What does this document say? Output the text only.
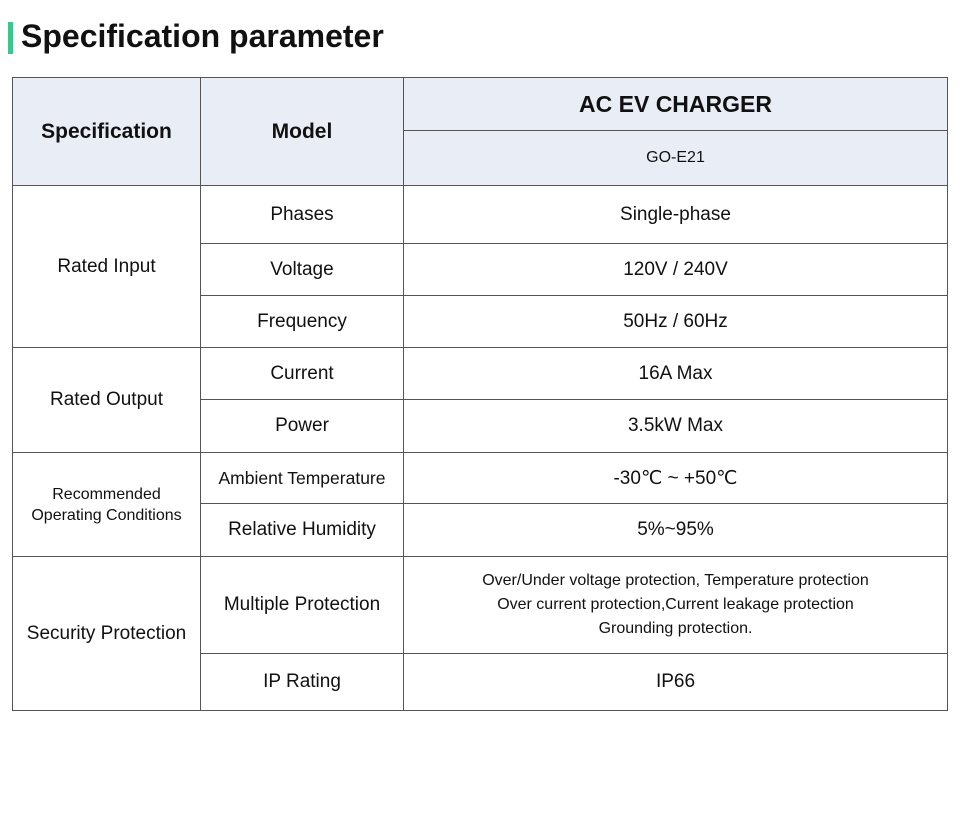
Specification parameter
Specification	Model	AC EV CHARGER
		GO-E21
Rated Input	Phases	Single-phase
	Voltage	120V / 240V
	Frequency	50Hz / 60Hz
Rated Output	Current	16A Max
	Power	3.5kW Max

Recommended
Operating Conditions	Ambient Temperature	-30℃ ~ +50℃
	Relative Humidity	5%~95%
Security Protection	Multiple Protection	Over/Under voltage protection, Temperature protection
Over current protection,Current leakage protection
Grounding protection.

	IP Rating	IP66
